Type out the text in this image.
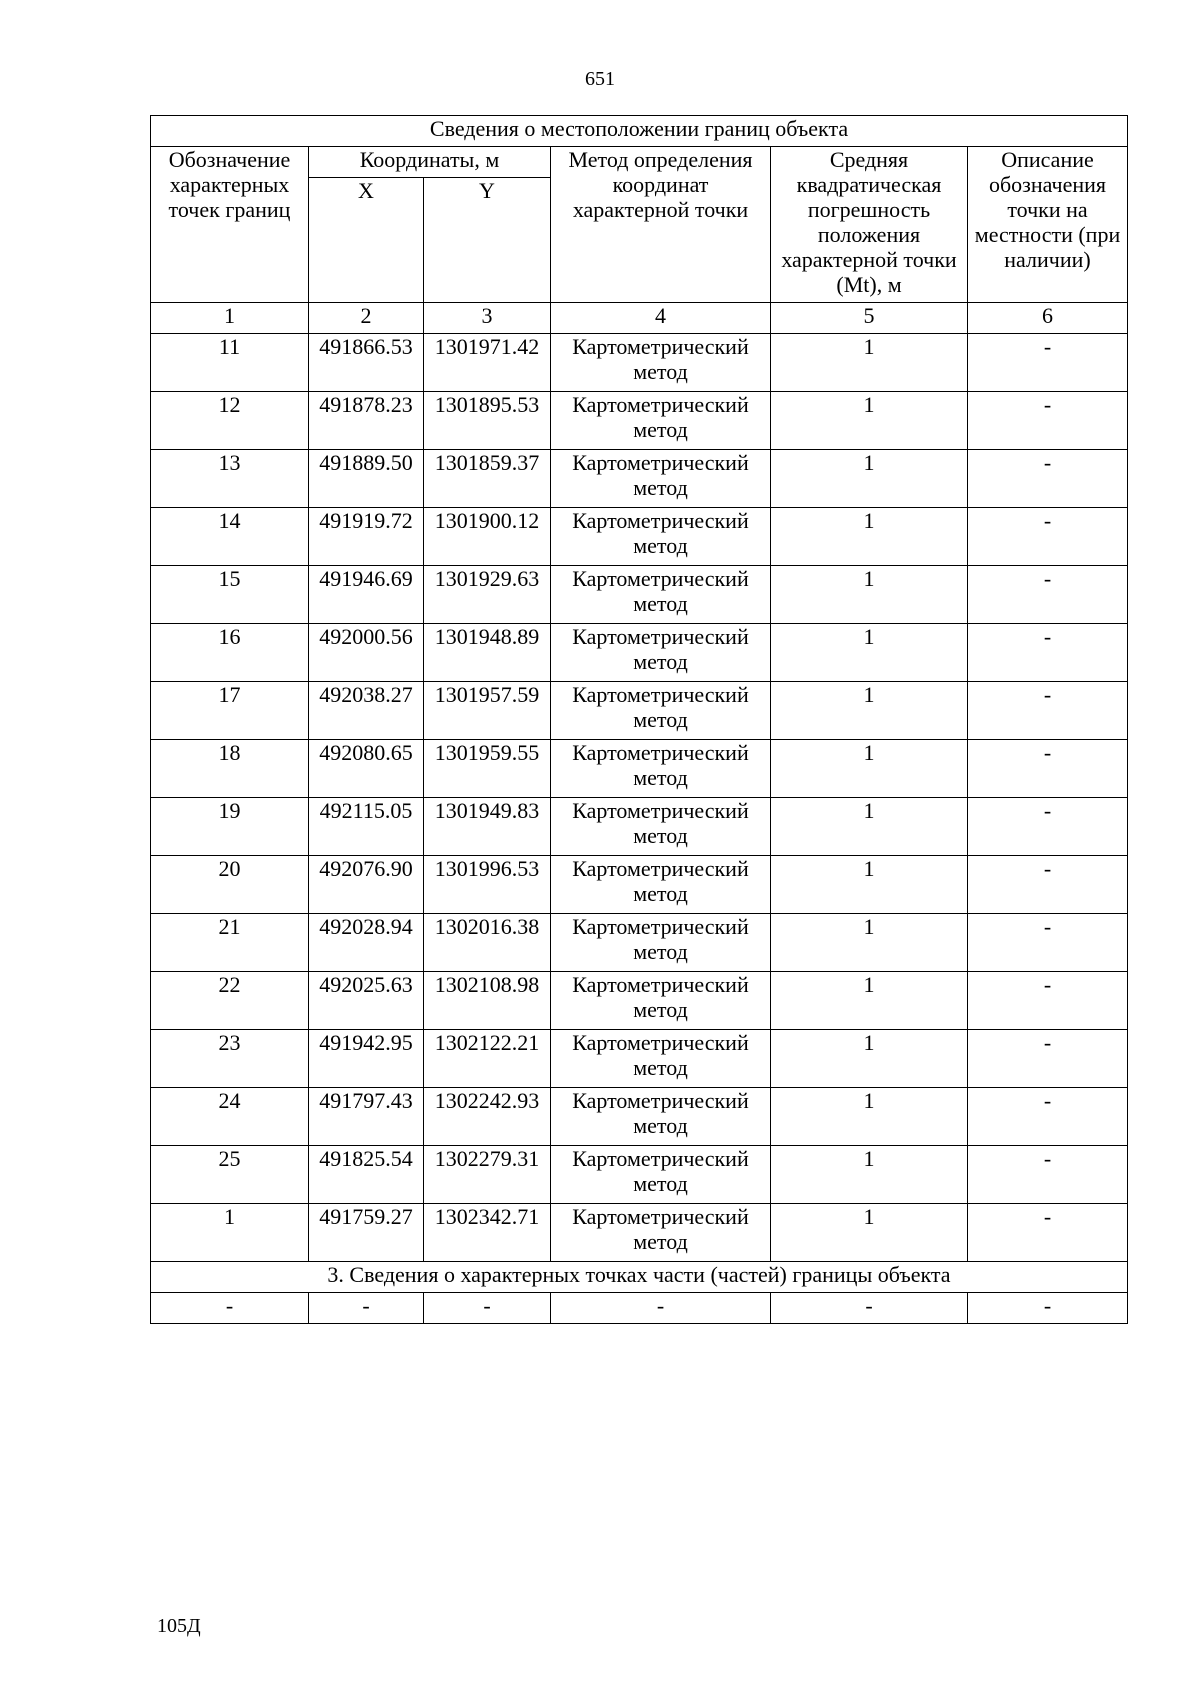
651
Сведения о местоположении границ объекта					
Обозначение характерных точек границ	Координаты, м		Метод определения координат характерной точки	Средняя квадратическая погрешность положения характерной точки (Mt), м	Описание обозначения точки на местности (при наличии)
	X	Y			
1	2	3	4	5	6
11	491866.53	1301971.42	Картометрический метод	1	-
12	491878.23	1301895.53	Картометрический метод	1	-
13	491889.50	1301859.37	Картометрический метод	1	-
14	491919.72	1301900.12	Картометрический метод	1	-
15	491946.69	1301929.63	Картометрический метод	1	-
16	492000.56	1301948.89	Картометрический метод	1	-
17	492038.27	1301957.59	Картометрический метод	1	-
18	492080.65	1301959.55	Картометрический метод	1	-
19	492115.05	1301949.83	Картометрический метод	1	-
20	492076.90	1301996.53	Картометрический метод	1	-
21	492028.94	1302016.38	Картометрический метод	1	-
22	492025.63	1302108.98	Картометрический метод	1	-
23	491942.95	1302122.21	Картометрический метод	1	-
24	491797.43	1302242.93	Картометрический метод	1	-
25	491825.54	1302279.31	Картометрический метод	1	-
1	491759.27	1302342.71	Картометрический метод	1	-
3. Сведения о характерных точках части (частей) границы объекта					
-	-	-	-	-	-
105Д
